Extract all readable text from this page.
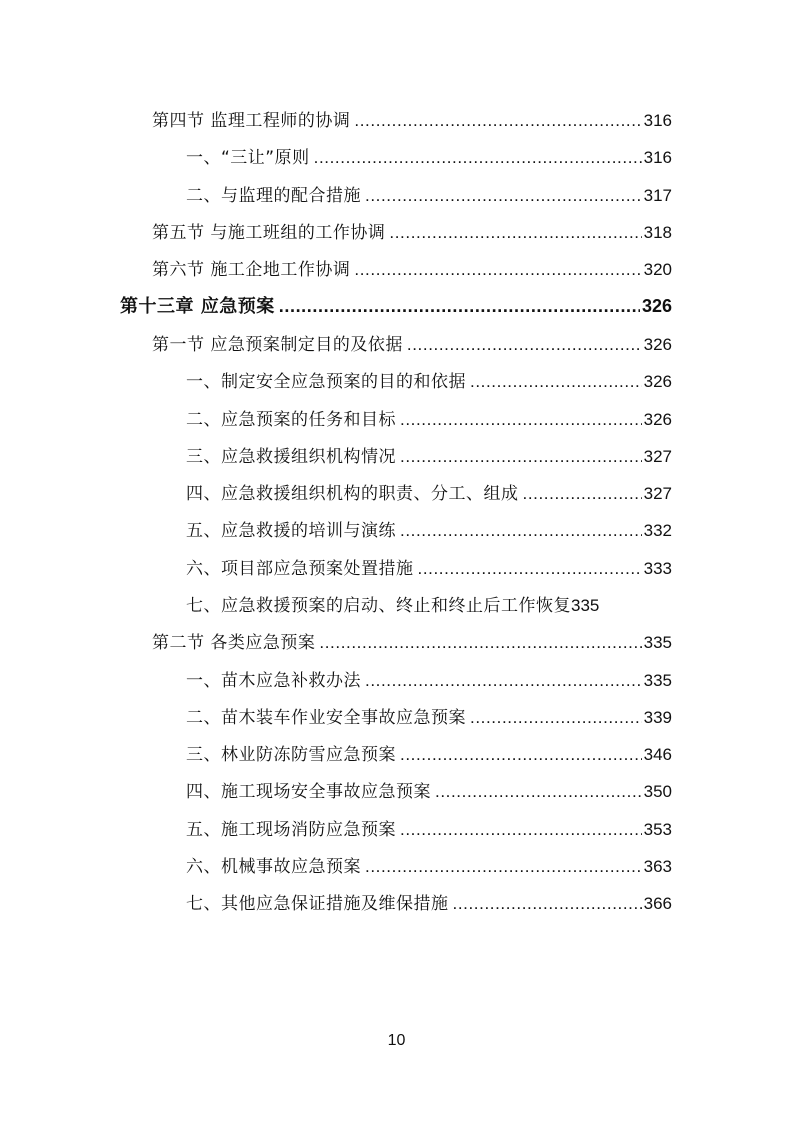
第四节 监理工程师的协调 .....	316
一、“三让”原则 .....	316
二、与监理的配合措施 .....	317
第五节 与施工班组的工作协调 .....	318
第六节 施工企地工作协调 .....	320
第十三章 应急预案 .....	326
第一节 应急预案制定目的及依据 .....	326
一、制定安全应急预案的目的和依据 .....	326
二、应急预案的任务和目标 .....	326
三、应急救援组织机构情况 .....	327
四、应急救援组织机构的职责、分工、组成 .....	327
五、应急救援的培训与演练 .....	332
六、项目部应急预案处置措施 .....	333
七、应急救援预案的启动、终止和终止后工作恢复 335
第二节 各类应急预案 .....	335
一、苗木应急补救办法 .....	335
二、苗木装车作业安全事故应急预案 .....	339
三、林业防冻防雪应急预案 .....	346
四、施工现场安全事故应急预案 .....	350
五、施工现场消防应急预案 .....	353
六、机械事故应急预案 .....	363
七、其他应急保证措施及维保措施 .....	366
10
